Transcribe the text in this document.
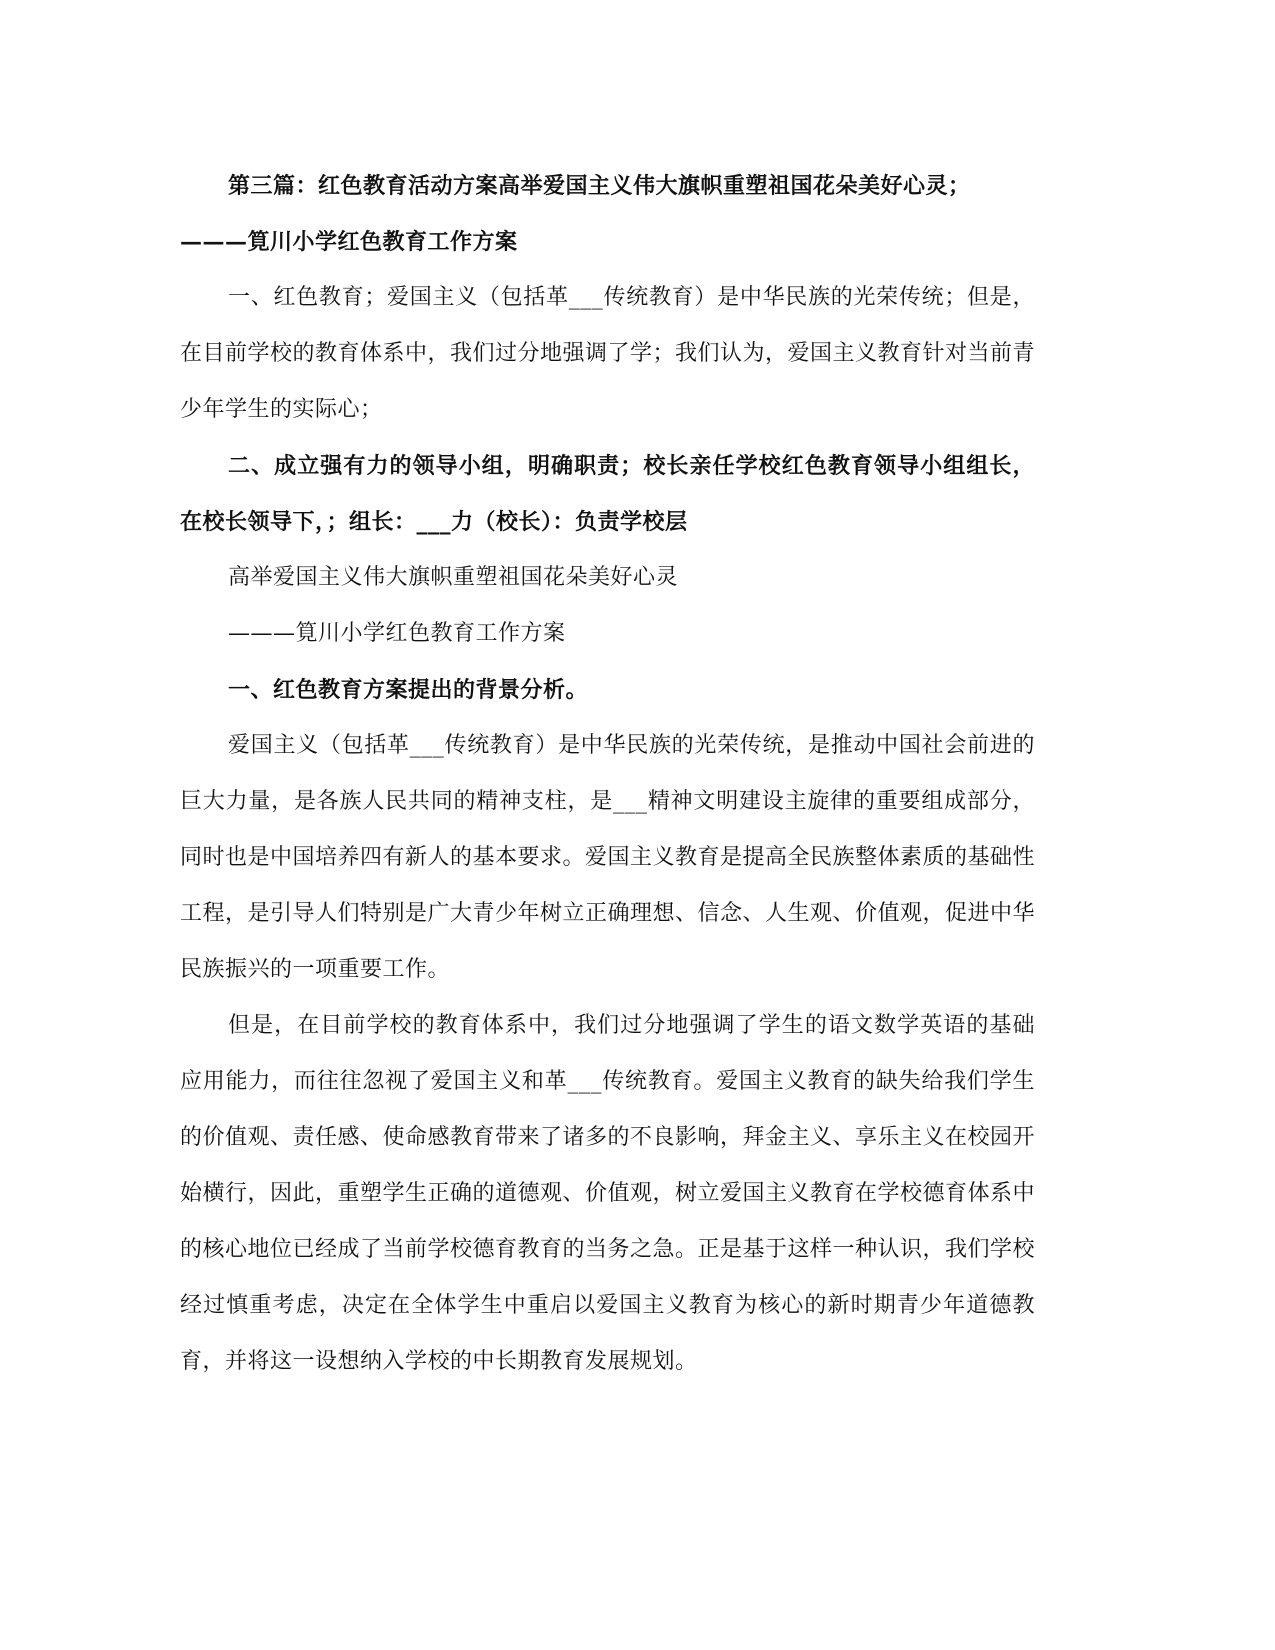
第三篇：红色教育活动方案高举爱国主义伟大旗帜重塑祖国花朵美好心灵；

———筧川小学红色教育工作方案

一、红色教育；爱国主义（包括革___传统教育）是中华民族的光荣传统；但是，在目前学校的教育体系中，我们过分地强调了学；我们认为，爱国主义教育针对当前青少年学生的实际心；

二、成立强有力的领导小组，明确职责；校长亲任学校红色教育领导小组组长，在校长领导下，；组长：___力（校长）：负责学校层

高举爱国主义伟大旗帜重塑祖国花朵美好心灵

———筧川小学红色教育工作方案

一、红色教育方案提出的背景分析。

爱国主义（包括革___传统教育）是中华民族的光荣传统，是推动中国社会前进的巨大力量，是各族人民共同的精神支柱，是___精神文明建设主旋律的重要组成部分，同时也是中国培养四有新人的基本要求。爱国主义教育是提高全民族整体素质的基础性工程，是引导人们特别是广大青少年树立正确理想、信念、人生观、价值观，促进中华民族振兴的一项重要工作。

但是，在目前学校的教育体系中，我们过分地强调了学生的语文数学英语的基础应用能力，而往往忽视了爱国主义和革___传统教育。爱国主义教育的缺失给我们学生的价值观、责任感、使命感教育带来了诸多的不良影响，拜金主义、享乐主义在校园开始横行，因此，重塑学生正确的道德观、价值观，树立爱国主义教育在学校德育体系中的核心地位已经成了当前学校德育教育的当务之急。正是基于这样一种认识，我们学校经过慎重考虑，决定在全体学生中重启以爱国主义教育为核心的新时期青少年道德教育，并将这一设想纳入学校的中长期教育发展规划。
